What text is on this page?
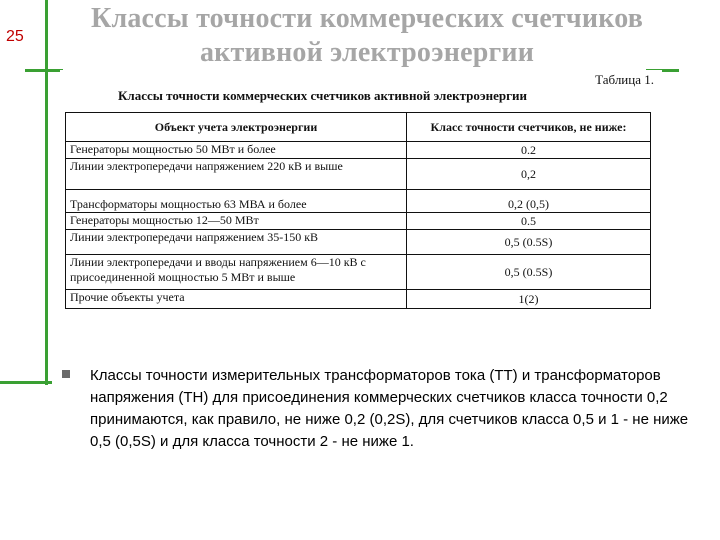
25
Классы точности коммерческих счетчиков активной электроэнергии
Таблица 1.
Классы точности коммерческих счетчиков активной электроэнергии
Объект учета электроэнергии	Класс точности счетчиков, не ниже:
Генераторы мощностью 50 МВт и более	0.2
Линии электропередачи напряжением 220 кВ и выше	0,2
Трансформаторы мощностью 63 МВА и более	0,2 (0,5)
Генераторы мощностью 12—50 МВт	0.5
Линии электропередачи напряжением 35-150 кВ	0,5 (0.5S)
Линии электропередачи и вводы напряжением 6—10 кВ с присоединенной мощностью 5 МВт и выше	0,5 (0.5S)
Прочие объекты учета	1(2)
Классы точности измерительных трансформаторов тока (ТТ) и трансформаторов напряжения (ТН) для присоединения коммерческих счетчиков класса точности 0,2 принимаются, как правило, не ниже 0,2 (0,2S), для счетчиков класса 0,5 и 1 - не ниже 0,5 (0,5S) и для класса точности 2 - не ниже 1.
